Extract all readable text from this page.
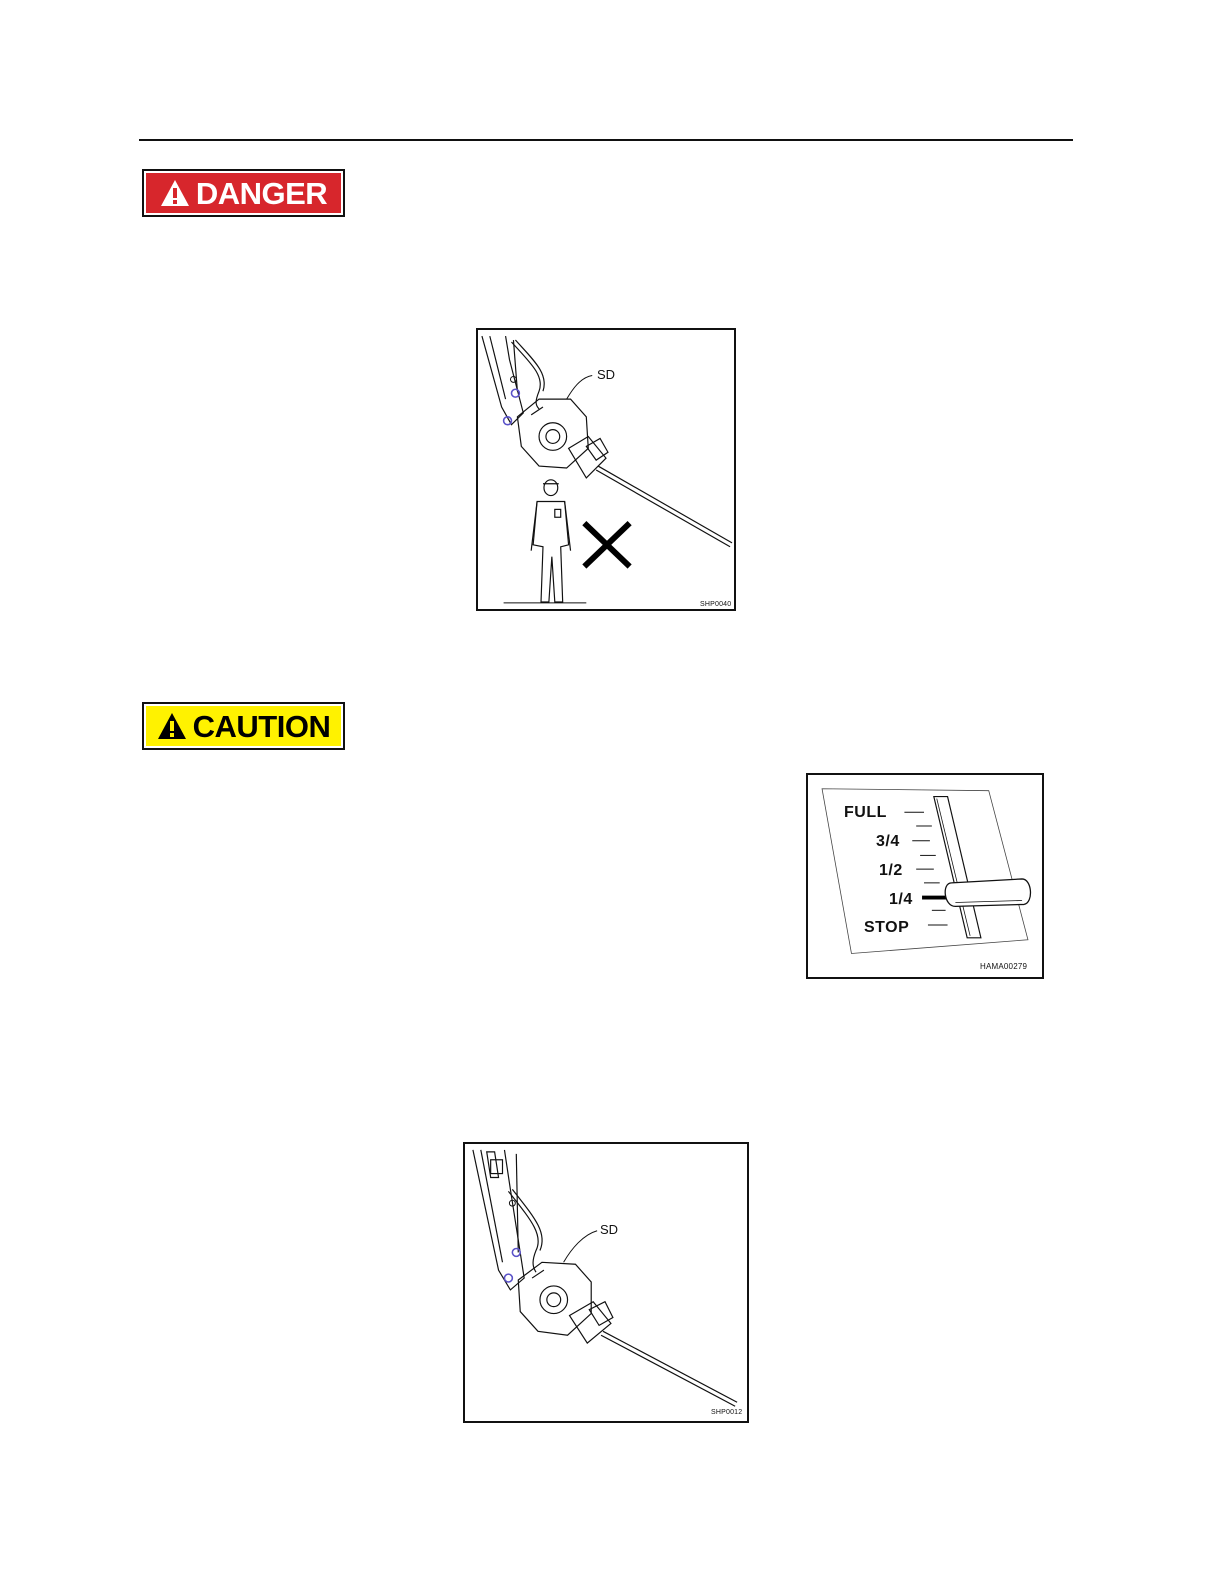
DANGER
SD
SHP0040
CAUTION
FULL
3/4
1/2
1/4
STOP
HAMA00279
SD
SHP0012
